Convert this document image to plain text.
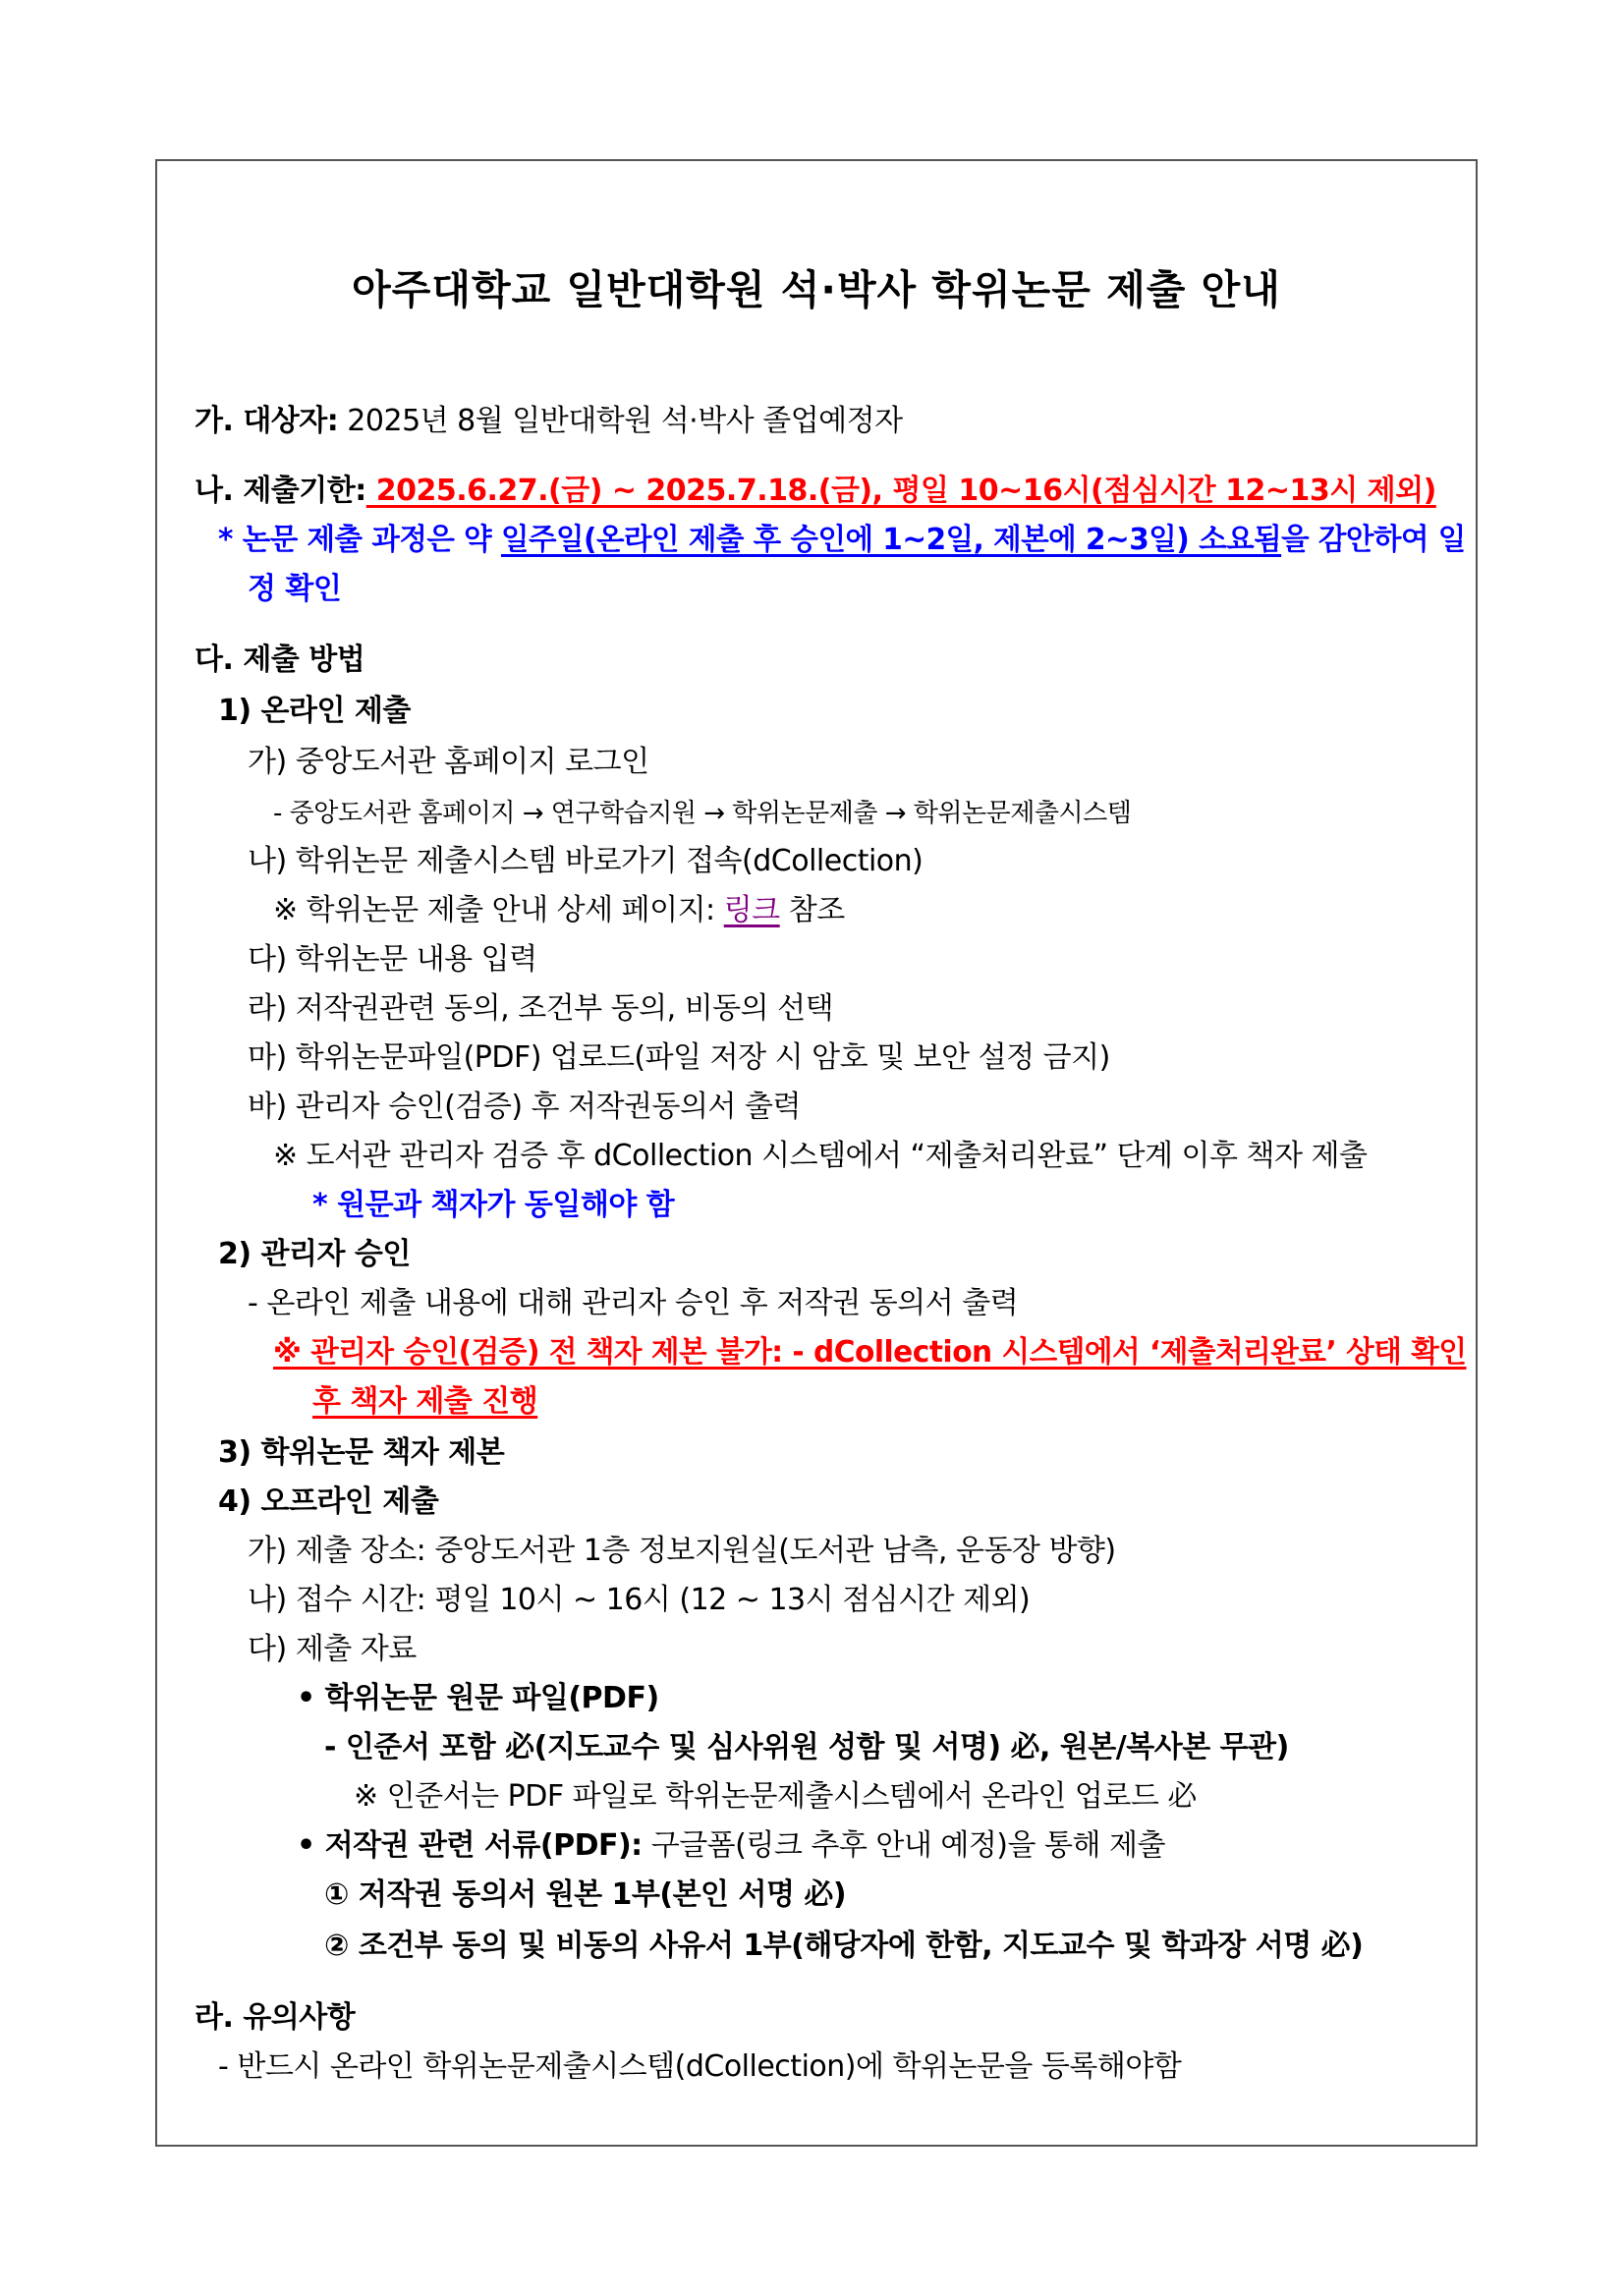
아주대학교 일반대학원 석·박사 학위논문 제출 안내
가. 대상자: 2025년 8월 일반대학원 석·박사 졸업예정자
나. 제출기한: 2025.6.27.(금) ~ 2025.7.18.(금), 평일 10~16시(점심시간 12~13시 제외)
* 논문 제출 과정은 약 일주일(온라인 제출 후 승인에 1~2일, 제본에 2~3일) 소요됨을 감안하여 일
정 확인
다. 제출 방법
1) 온라인 제출
가) 중앙도서관 홈페이지 로그인
- 중앙도서관 홈페이지 → 연구학습지원 → 학위논문제출 → 학위논문제출시스템
나) 학위논문 제출시스템 바로가기 접속(dCollection)
※ 학위논문 제출 안내 상세 페이지: 링크 참조
다) 학위논문 내용 입력
라) 저작권관련 동의, 조건부 동의, 비동의 선택
마) 학위논문파일(PDF) 업로드(파일 저장 시 암호 및 보안 설정 금지)
바) 관리자 승인(검증) 후 저작권동의서 출력
※ 도서관 관리자 검증 후 dCollection 시스템에서 “제출처리완료” 단계 이후 책자 제출
* 원문과 책자가 동일해야 함
2) 관리자 승인
- 온라인 제출 내용에 대해 관리자 승인 후 저작권 동의서 출력
※ 관리자 승인(검증) 전 책자 제본 불가: - dCollection 시스템에서 ‘제출처리완료’ 상태 확인
후 책자 제출 진행
3) 학위논문 책자 제본
4) 오프라인 제출
가) 제출 장소: 중앙도서관 1층 정보지원실(도서관 남측, 운동장 방향)
나) 접수 시간: 평일 10시 ~ 16시 (12 ~ 13시 점심시간 제외)
다) 제출 자료
• 학위논문 원문 파일(PDF)
- 인준서 포함 必(지도교수 및 심사위원 성함 및 서명) 必, 원본/복사본 무관)
※ 인준서는 PDF 파일로 학위논문제출시스템에서 온라인 업로드 必
• 저작권 관련 서류(PDF): 구글폼(링크 추후 안내 예정)을 통해 제출
① 저작권 동의서 원본 1부(본인 서명 必)
② 조건부 동의 및 비동의 사유서 1부(해당자에 한함, 지도교수 및 학과장 서명 必)
라. 유의사항
- 반드시 온라인 학위논문제출시스템(dCollection)에 학위논문을 등록해야함
